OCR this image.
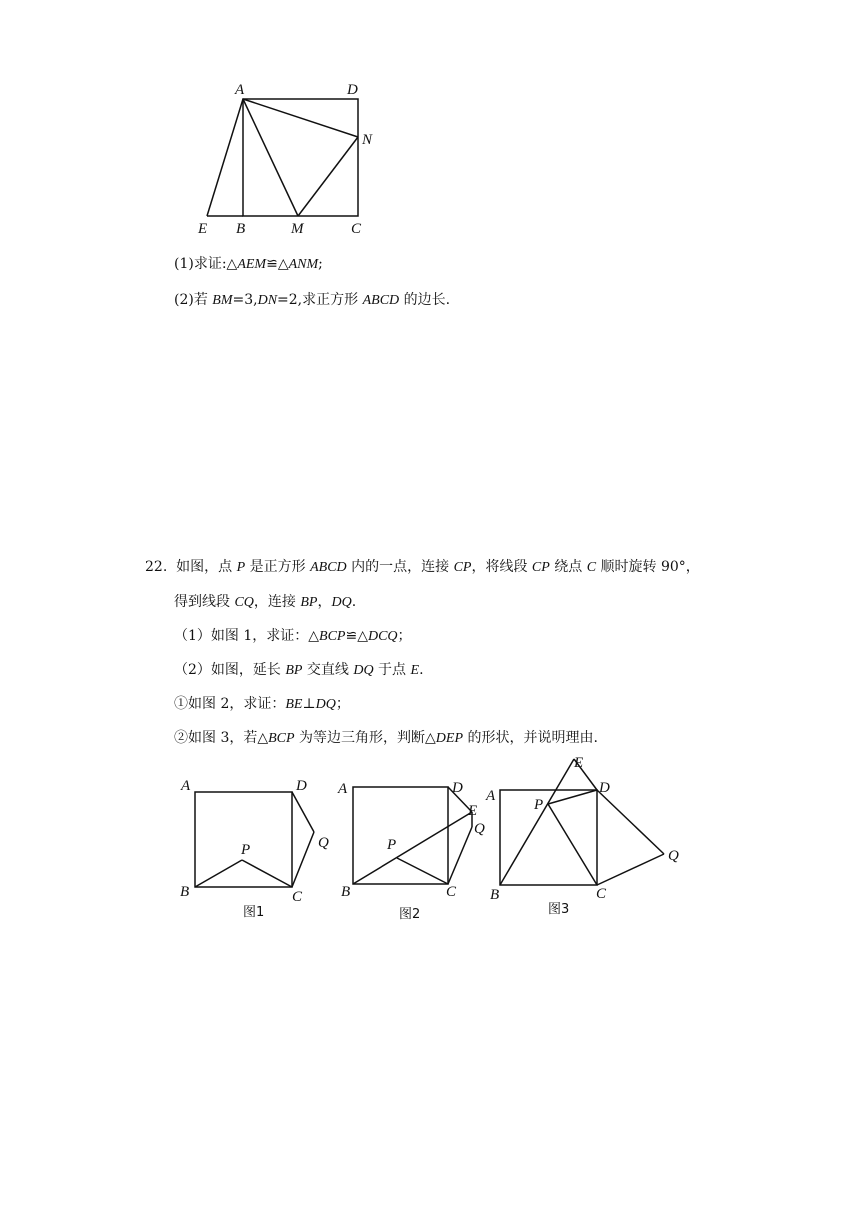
A	D
N
E B	M	C
(1)求证:△AEM≌△ANM;
(2)若 BM=3,DN=2,求正方形 ABCD 的边长.
22. 如图，点 P 是正方形 ABCD 内的一点，连接 CP，将线段 CP 绕点 C 顺时旋转 90°，
得到线段 CQ，连接 BP，DQ.
（1）如图 1，求证：△BCP≌△DCQ；
（2）如图，延长 BP 交直线 DQ 于点 E.
①如图 2，求证：BE⊥DQ；
②如图 3，若△BCP 为等边三角形，判断△DEP 的形状，并说明理由.
A	D
Q
P
B	C
图1
A	D
E
Q
P
B	C
图2
E
D
A
P
Q
B	C
图3
